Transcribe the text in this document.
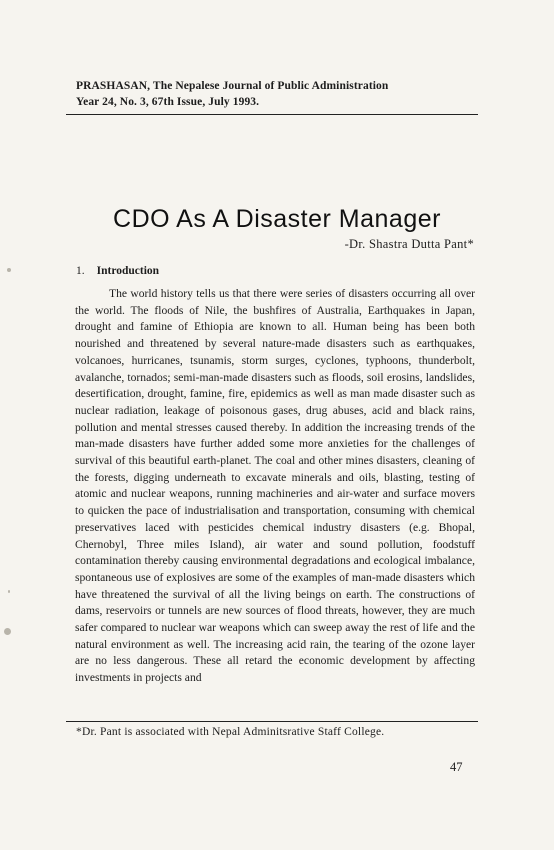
PRASHASAN, The Nepalese Journal of Public Administration
Year 24, No. 3, 67th Issue, July 1993.
CDO As A Disaster Manager
-Dr. Shastra Dutta Pant*
1. Introduction
The world history tells us that there were series of disasters occurring all over the world. The floods of Nile, the bushfires of Australia, Earthquakes in Japan, drought and famine of Ethiopia are known to all. Human being has been both nourished and threatened by several nature-made disasters such as earthquakes, volcanoes, hurricanes, tsunamis, storm surges, cyclones, typhoons, thunderbolt, avalanche, tornados; semi-man-made disasters such as floods, soil erosins, landslides, desertification, drought, famine, fire, epidemics as well as man made disaster such as nuclear radiation, leakage of poisonous gases, drug abuses, acid and black rains, pollution and mental stresses caused thereby. In addition the increasing trends of the man-made disasters have further added some more anxieties for the challenges of survival of this beautiful earth-planet. The coal and other mines disasters, cleaning of the forests, digging underneath to excavate minerals and oils, blasting, testing of atomic and nuclear weapons, running machineries and air-water and surface movers to quicken the pace of industrialisation and transportation, consuming with chemical preservatives laced with pesticides chemical industry disasters (e.g. Bhopal, Chernobyl, Three miles Island), air water and sound pollution, foodstuff contamination thereby causing environmental degradations and ecological imbalance, spontaneous use of explosives are some of the examples of man-made disasters which have threatened the survival of all the living beings on earth. The constructions of dams, reservoirs or tunnels are new sources of flood threats, however, they are much safer compared to nuclear war weapons which can sweep away the rest of life and the natural environment as well. The increasing acid rain, the tearing of the ozone layer are no less dangerous. These all retard the economic development by affecting investments in projects and
*Dr. Pant is associated with Nepal Adminitsrative Staff College.
47
